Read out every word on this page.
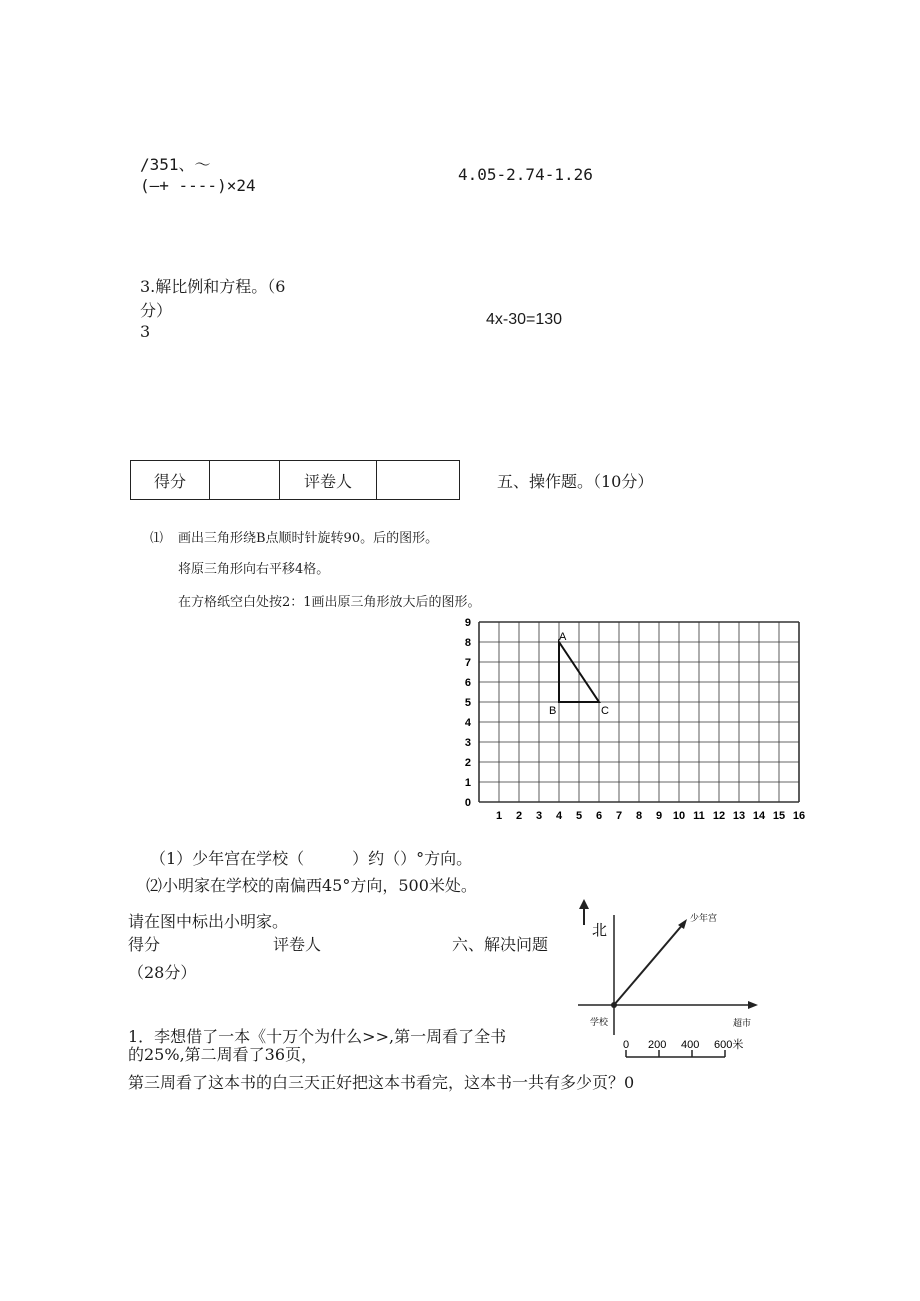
/351、～
(—+ ----)×24
4.05-2.74-1.26
3.解比例和方程。（6
分）
3
4x-30=130
得分	评卷人	五、操作题。（10分）
⑴ 画出三角形绕B点顺时针旋转90。后的图形。
将原三角形向右平移4格。
在方格纸空白处按2：1画出原三角形放大后的图形。
1 2 3 4 5 6 7 8 9 10 11 12 13 14 15 16
0
1
2
3
4
5
6
7
8
9
A
B	C
（1）少年宫在学校（　　　）约（）°方向。
⑵小明家在学校的南偏西45°方向，500米处。
请在图中标出小明家。
得分	评卷人	六、解决问题
（28分）
北
少年宫
学校	超市
0 200 400 600米
1．李想借了一本《十万个为什么>>,第一周看了全书
的25%,第二周看了36页，
第三周看了这本书的白三天正好把这本书看完，这本书一共有多少页？0
